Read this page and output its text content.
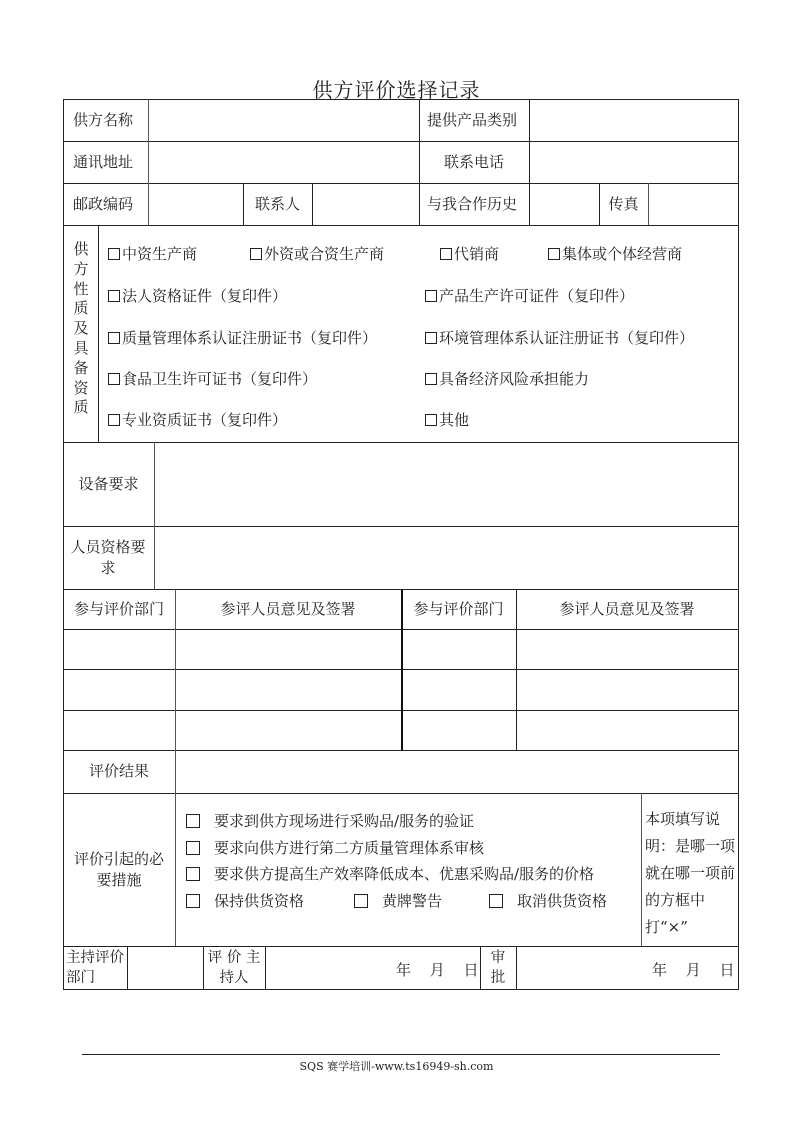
供方评价选择记录
供方名称	提供产品类别
通讯地址	联系电话
邮政编码	联系人	与我合作历史	传真
供方性质及具备资质
中资生产商	外资或合资生产商	代销商	集体或个体经营商
法人资格证件（复印件）	产品生产许可证件（复印件）
质量管理体系认证注册证书（复印件）	环境管理体系认证注册证书（复印件）
食品卫生许可证书（复印件）	具备经济风险承担能力
专业资质证书（复印件）	其他
设备要求
人员资格要求
参与评价部门	参评人员意见及签署	参与评价部门	参评人员意见及签署
评价结果
评价引起的必要措施
要求到供方现场进行采购品/服务的验证
要求向供方进行第二方质量管理体系审核
要求供方提高生产效率降低成本、优惠采购品/服务的价格
保持供货资格	黄牌警告	取消供货资格
本项填写说明：是哪一项就在哪一项前的方框中打“×”
主持评价部门
评 价 主持人	年 月 日
审批	年 月 日
SQS 赛学培训-www.ts16949-sh.com
